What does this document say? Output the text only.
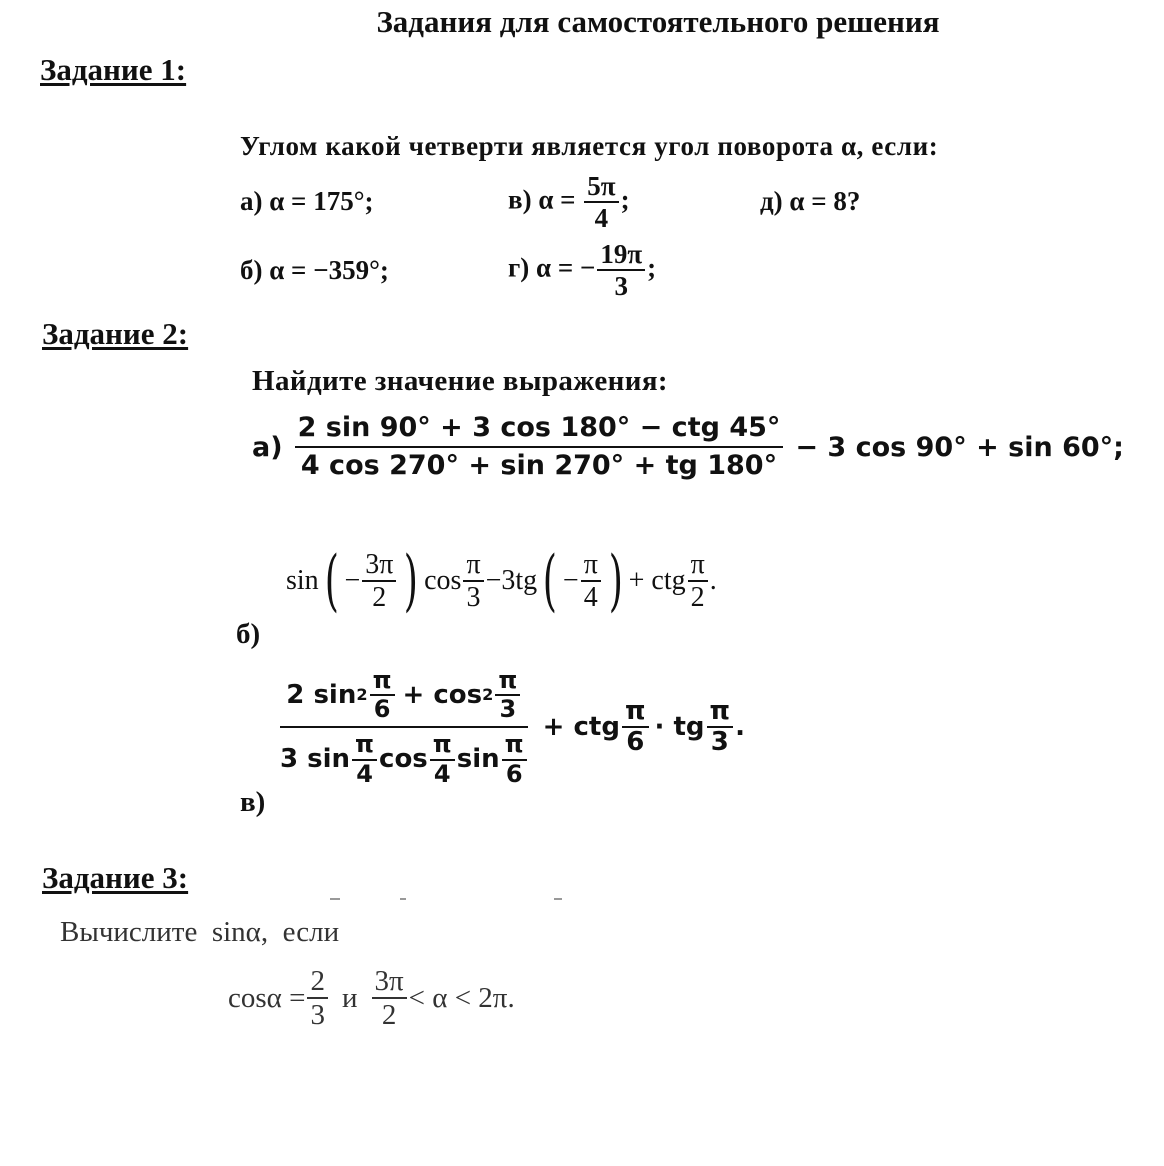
Задания для самостоятельного решения
Задание 1:
Углом какой четверти является угол поворота α, если:
а) α = 175°;	в) $\alpha = \frac{5\pi}{4}$ ;	д) α = 8?
б) α = −359°;	г) α = − $\frac{19\pi}{3}$ ;
Задание 2:
Найдите значение выражения:
$а) \frac{\text{2 sin 90° + 3 cos 180° − ctg 45°}}{4 \cos 270^\circ + \sin 270^\circ + tg 180^\circ} - 3$ cos 90° + sin 60°;
sin ( − $\frac{3\pi}{2}$ ) $\cos \frac{\pi}{3} -3tg$ ( − $\frac{\pi}{4}$ ) + ctg $\frac{\pi}{2}$ .
б)
2 $\sin 2 \frac{\pi}{6} + \cos 2 \frac{\pi}{3}$
3 $\sin \frac{\pi}{4}$ $\cos \frac{\pi}{4}$ $\sin \frac{\pi}{6}$
+ ctg $\frac{\pi}{6}$ · tg $\frac{\pi}{3}$ .
в)
Задание 3:
Вычислите  sinα,  если
$\cos\alpha = \frac{2}{3}$ и $\frac{3\pi}{2} < \alpha < 2\pi$.
